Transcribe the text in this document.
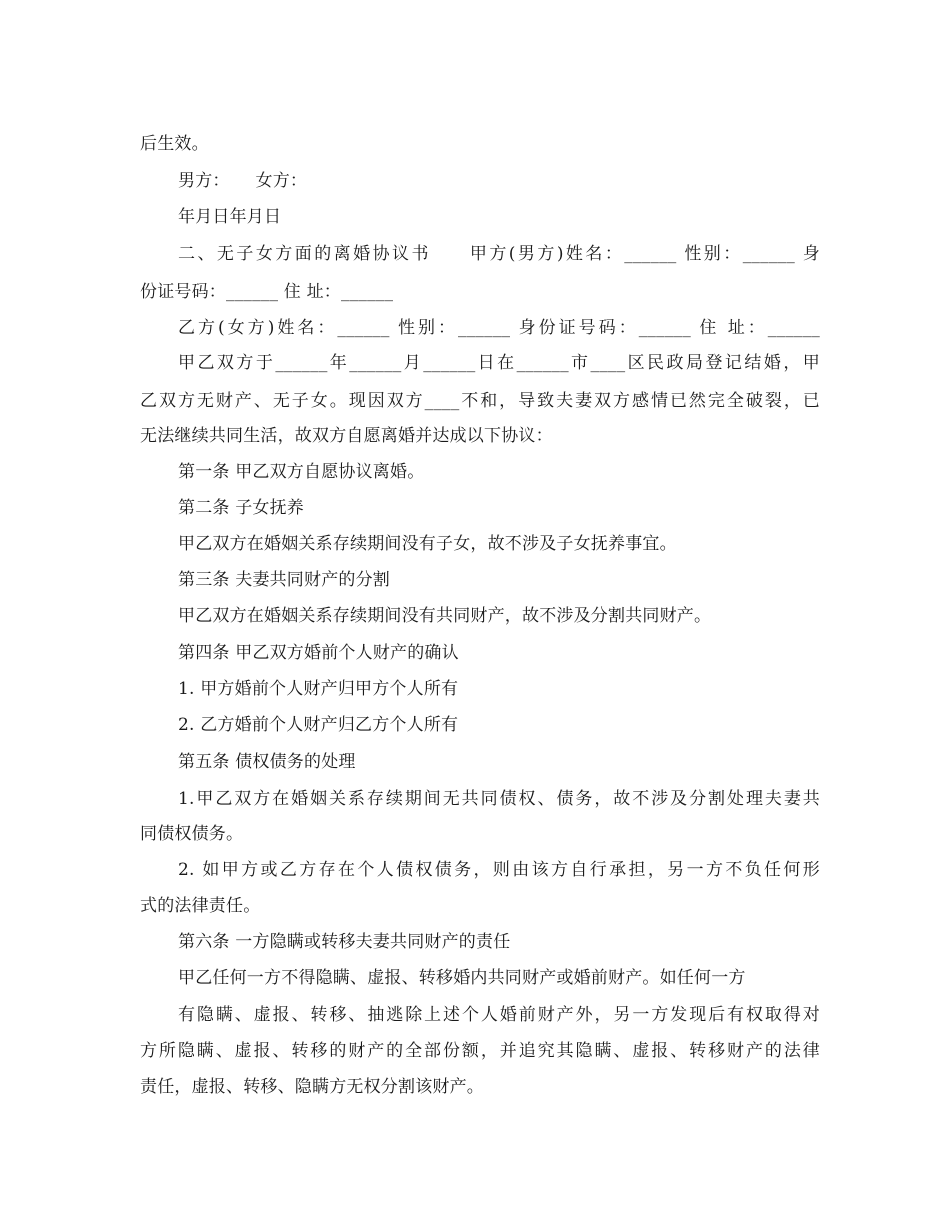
后生效。
男方：　　女方：
年月日年月日
二、无子女方面的离婚协议书　　甲方(男方)姓名：______ 性别：______ 身
份证号码：______ 住 址：______
乙方(女方)姓名：______ 性别：______ 身份证号码：______ 住 址：______
甲乙双方于______年______月______日在______市____区民政局登记结婚，甲
乙双方无财产、无子女。现因双方____不和，导致夫妻双方感情已然完全破裂，已
无法继续共同生活，故双方自愿离婚并达成以下协议：
第一条 甲乙双方自愿协议离婚。
第二条 子女抚养
甲乙双方在婚姻关系存续期间没有子女，故不涉及子女抚养事宜。
第三条 夫妻共同财产的分割
甲乙双方在婚姻关系存续期间没有共同财产，故不涉及分割共同财产。
第四条 甲乙双方婚前个人财产的确认
1. 甲方婚前个人财产归甲方个人所有
2. 乙方婚前个人财产归乙方个人所有
第五条 债权债务的处理
1.甲乙双方在婚姻关系存续期间无共同债权、债务，故不涉及分割处理夫妻共
同债权债务。
2. 如甲方或乙方存在个人债权债务，则由该方自行承担，另一方不负任何形
式的法律责任。
第六条 一方隐瞒或转移夫妻共同财产的责任
甲乙任何一方不得隐瞒、虚报、转移婚内共同财产或婚前财产。如任何一方
有隐瞒、虚报、转移、抽逃除上述个人婚前财产外，另一方发现后有权取得对
方所隐瞒、虚报、转移的财产的全部份额，并追究其隐瞒、虚报、转移财产的法律
责任，虚报、转移、隐瞒方无权分割该财产。
